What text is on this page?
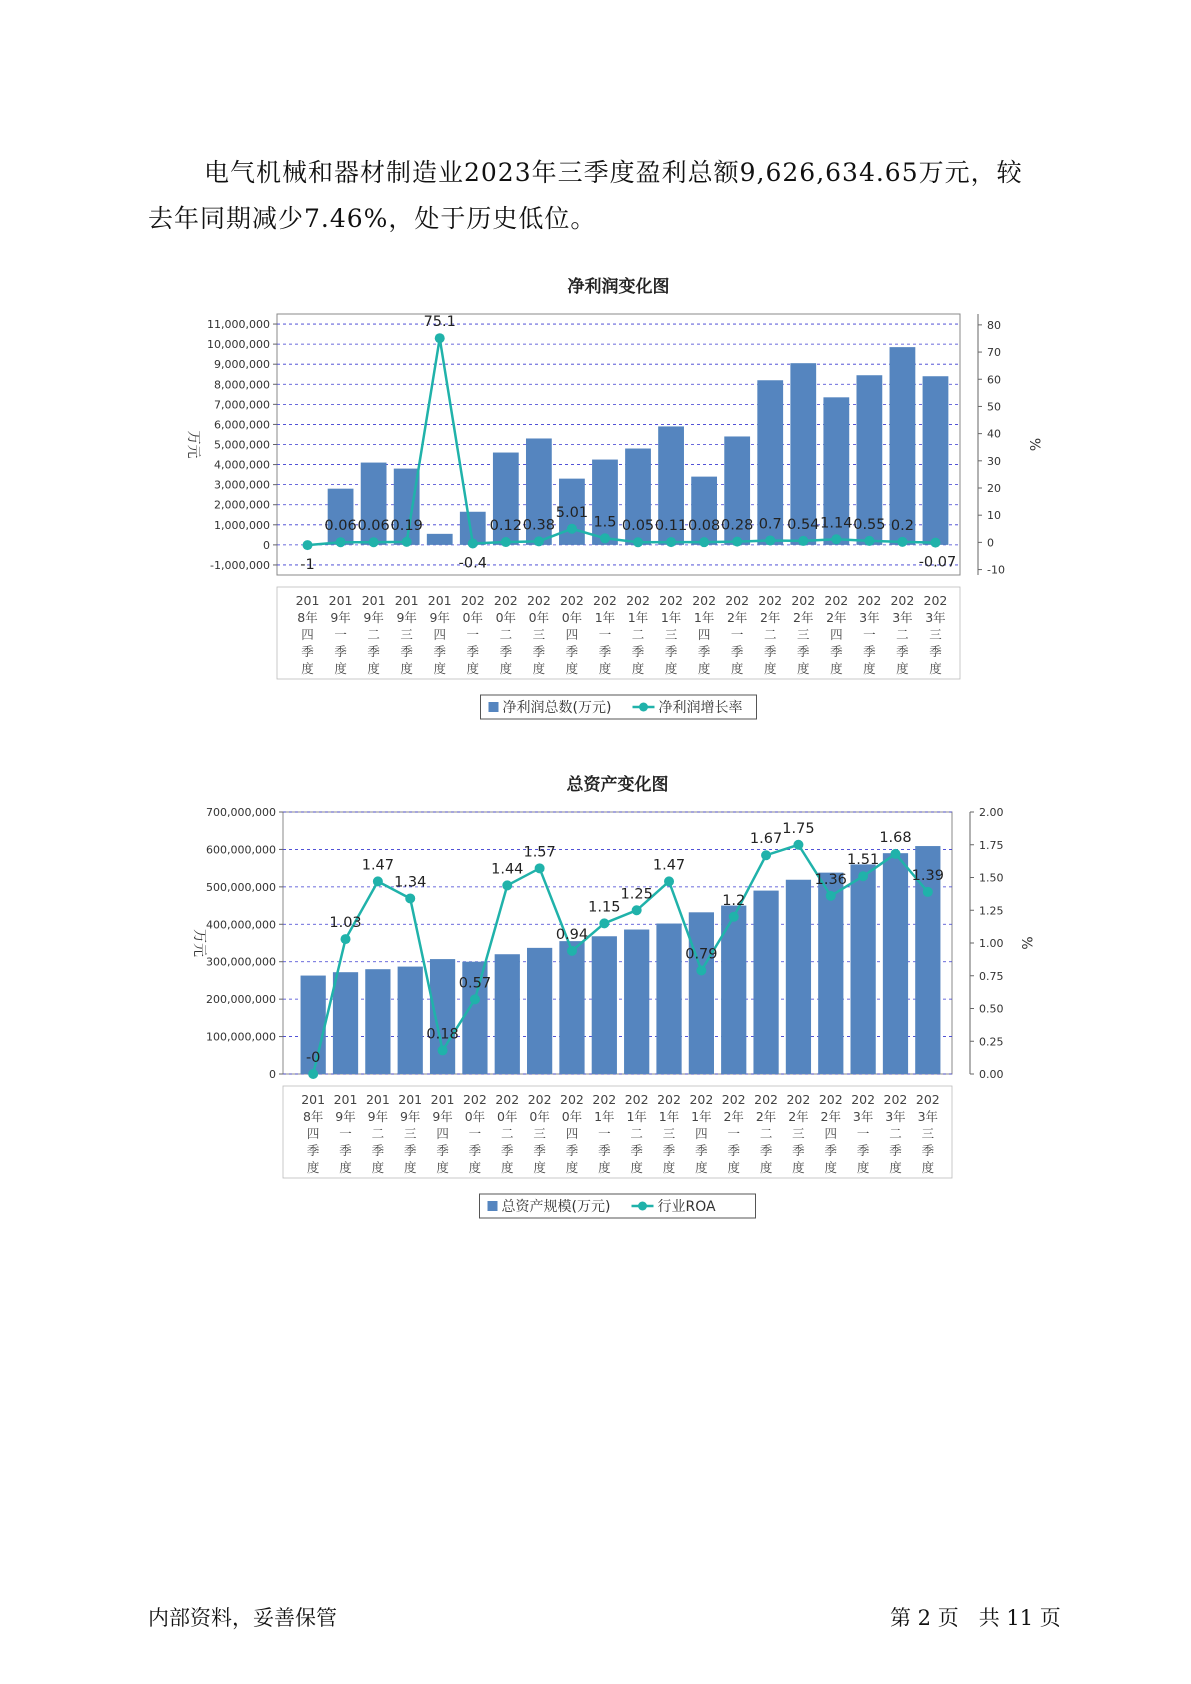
电气机械和器材制造业2023年三季度盈利总额9,626,634.65万元，较
去年同期减少7.46%，处于历史低位。
净利润变化图
-1,000,000
0
1,000,000
2,000,000
3,000,000
4,000,000
5,000,000
6,000,000
7,000,000
8,000,000
9,000,000
10,000,000
11,000,000
-10
0
10
20
30
40
50
60
70
80
万元	%
201
8年
四
季
度
201
9年
一
季
度
201
9年
二
季
度
201
9年
三
季
度
201
9年
四
季
度
202
0年
一
季
度
202
0年
二
季
度
202
0年
三
季
度
202
0年
四
季
度
202
1年
一
季
度
202
1年
二
季
度
202
1年
三
季
度
202
1年
四
季
度
202
2年
一
季
度
202
2年
二
季
度
202
2年
三
季
度
202
2年
四
季
度
202
3年
一
季
度
202
3年
二
季
度
202
3年
三
季
度
-1
0.06 0.06 0.19
75.1
-0.4
0.12 0.38
5.01
1.5 0.05 0.11 0.08 0.28 0.7 0.54 1.14 0.55 0.2
-0.07
净利润总数(万元)	净利润增长率
总资产变化图
0
100,000,000
200,000,000
300,000,000
400,000,000
500,000,000
600,000,000
700,000,000
0.00
0.25
0.50
0.75
1.00
1.25
1.50
1.75
2.00
万元	%
201
8年
四
季
度
201
9年
一
季
度
201
9年
二
季
度
201
9年
三
季
度
201
9年
四
季
度
202
0年
一
季
度
202
0年
二
季
度
202
0年
三
季
度
202
0年
四
季
度
202
1年
一
季
度
202
1年
二
季
度
202
1年
三
季
度
202
1年
四
季
度
202
2年
一
季
度
202
2年
二
季
度
202
2年
三
季
度
202
2年
四
季
度
202
3年
一
季
度
202
3年
二
季
度
202
3年
三
季
度
-0
1.03
1.47
1.34
0.18
0.57
1.44
1.57
0.94
1.15
1.25
1.47
0.79
1.2
1.67
1.75
1.36
1.51
1.68
1.39
总资产规模(万元)	行业ROA
内部资料，妥善保管	第 2 页   共 11 页
